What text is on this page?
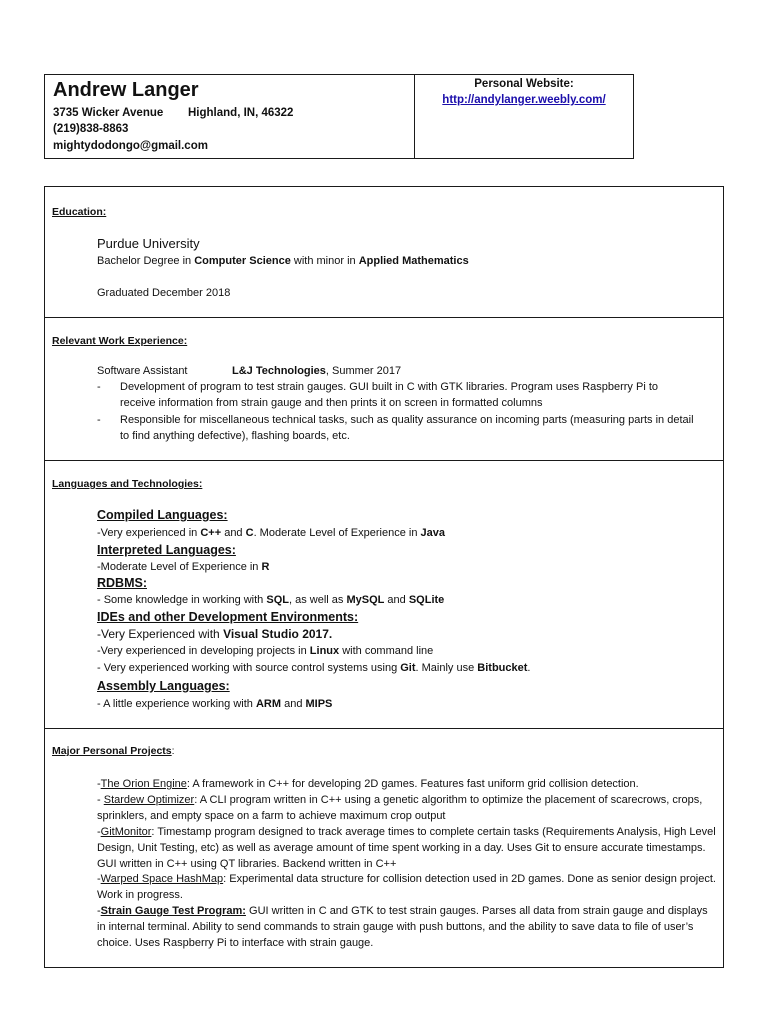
Andrew Langer
3735 Wicker Avenue Highland, IN, 46322
(219)838-8863
mightydodongo@gmail.com
Personal Website:
http://andylanger.weebly.com/
Education:
Purdue University
Bachelor Degree in Computer Science with minor in Applied Mathematics
Graduated December 2018
Relevant Work Experience:
Software Assistant	L&J Technologies, Summer 2017
- Development of program to test strain gauges. GUI built in C with GTK libraries. Program uses Raspberry Pi to receive information from strain gauge and then prints it on screen in formatted columns
- Responsible for miscellaneous technical tasks, such as quality assurance on incoming parts (measuring parts in detail to find anything defective), flashing boards, etc.
Languages and Technologies:
Compiled Languages:
-Very experienced in C++ and C. Moderate Level of Experience in Java
Interpreted Languages:
-Moderate Level of Experience in R
RDBMS:
- Some knowledge in working with SQL, as well as MySQL and SQLite
IDEs and other Development Environments:
-Very Experienced with Visual Studio 2017.
-Very experienced in developing projects in Linux with command line
- Very experienced working with source control systems using Git. Mainly use Bitbucket.
Assembly Languages:
- A little experience working with ARM and MIPS
Major Personal Projects:
-The Orion Engine: A framework in C++ for developing 2D games. Features fast uniform grid collision detection.
- Stardew Optimizer: A CLI program written in C++ using a genetic algorithm to optimize the placement of scarecrows, crops, sprinklers, and empty space on a farm to achieve maximum crop output
-GitMonitor: Timestamp program designed to track average times to complete certain tasks (Requirements Analysis, High Level Design, Unit Testing, etc) as well as average amount of time spent working in a day. Uses Git to ensure accurate timestamps. GUI written in C++ using QT libraries. Backend written in C++
-Warped Space HashMap: Experimental data structure for collision detection used in 2D games. Done as senior design project. Work in progress.
-Strain Gauge Test Program: GUI written in C and GTK to test strain gauges. Parses all data from strain gauge and displays in internal terminal. Ability to send commands to strain gauge with push buttons, and the ability to save data to file of user’s choice. Uses Raspberry Pi to interface with strain gauge.
